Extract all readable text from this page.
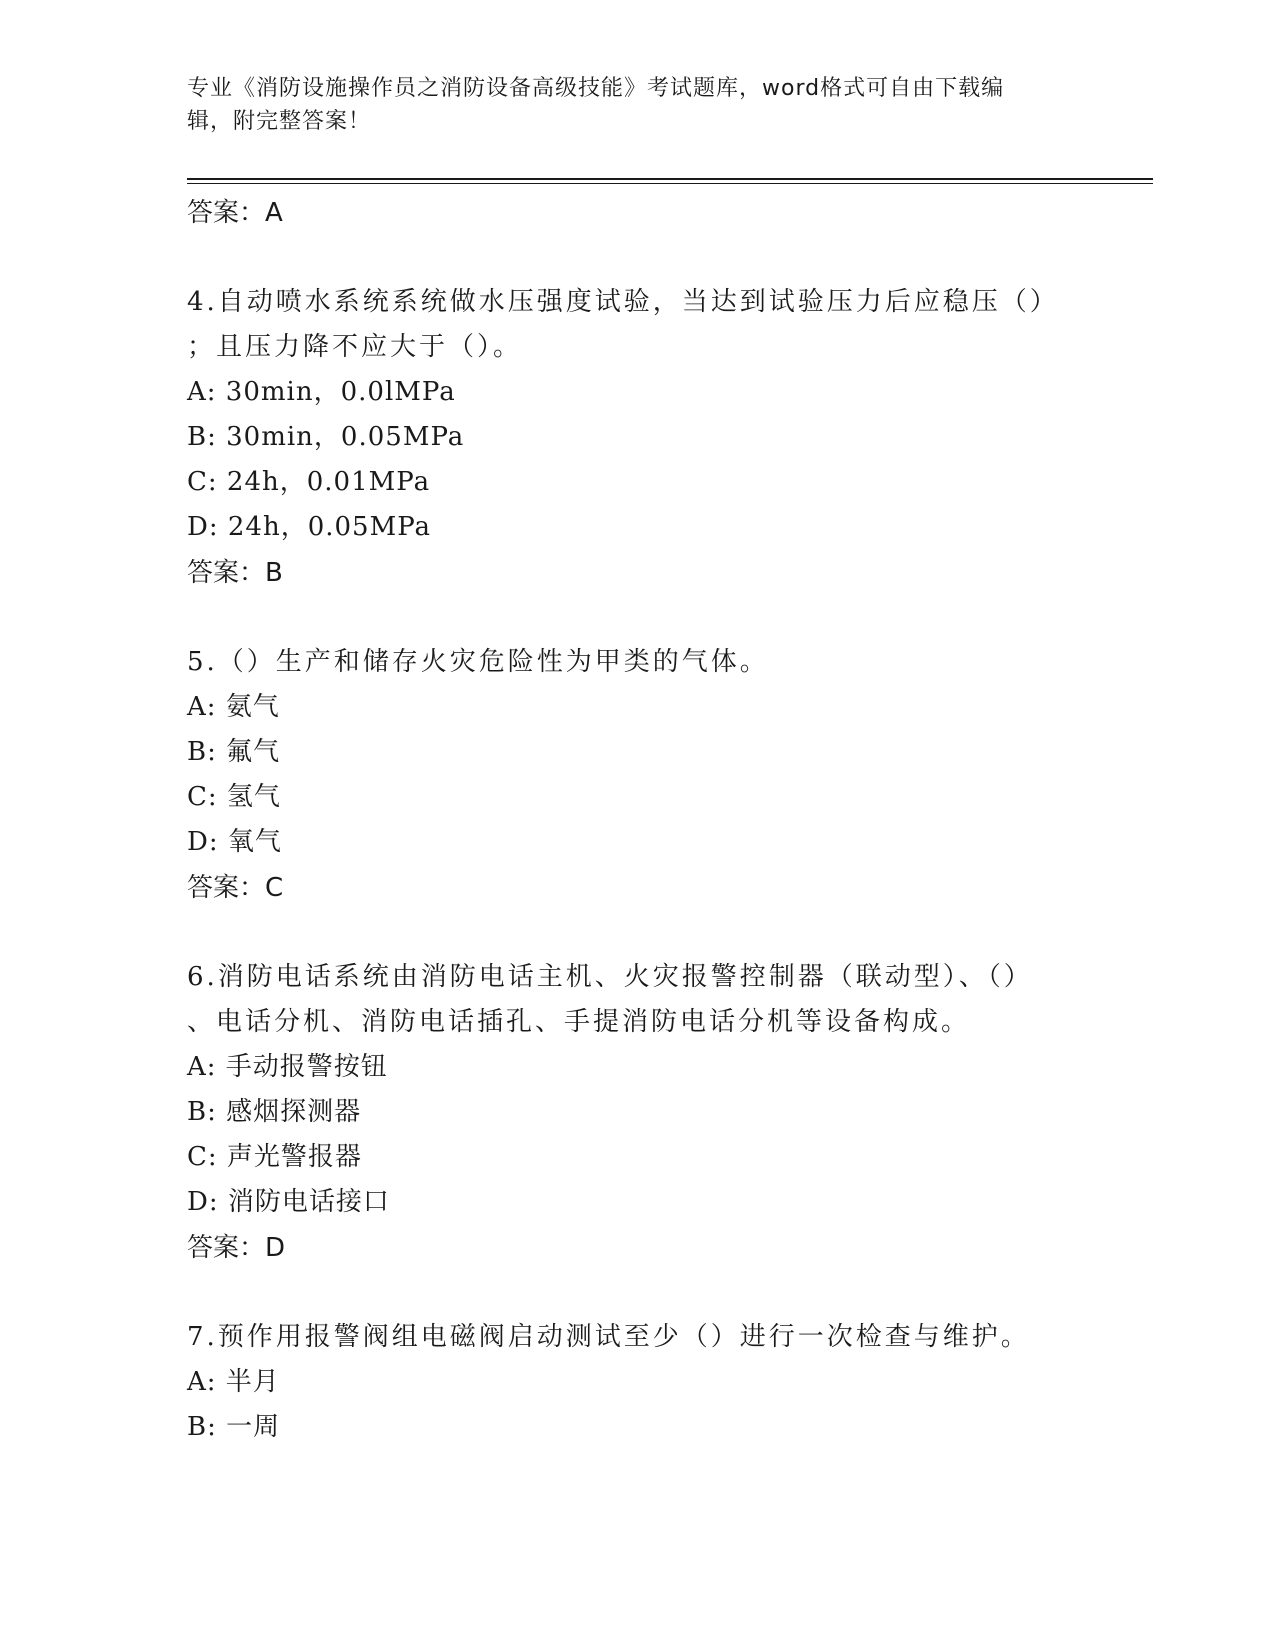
专业《消防设施操作员之消防设备高级技能》考试题库，word格式可自由下载编
辑，附完整答案！
答案：A
4.自动喷水系统系统做水压强度试验，当达到试验压力后应稳压（）
；且压力降不应大于（）。
A: 30min，0.0lMPa
B: 30min，0.05MPa
C: 24h，0.01MPa
D: 24h，0.05MPa
答案：B
5.（）生产和储存火灾危险性为甲类的气体。
A: 氨气
B: 氟气
C: 氢气
D: 氧气
答案：C
6.消防电话系统由消防电话主机、火灾报警控制器（联动型）、（）
、电话分机、消防电话插孔、手提消防电话分机等设备构成。
A: 手动报警按钮
B: 感烟探测器
C: 声光警报器
D: 消防电话接口
答案：D
7.预作用报警阀组电磁阀启动测试至少（）进行一次检查与维护。
A: 半月
B: 一周
